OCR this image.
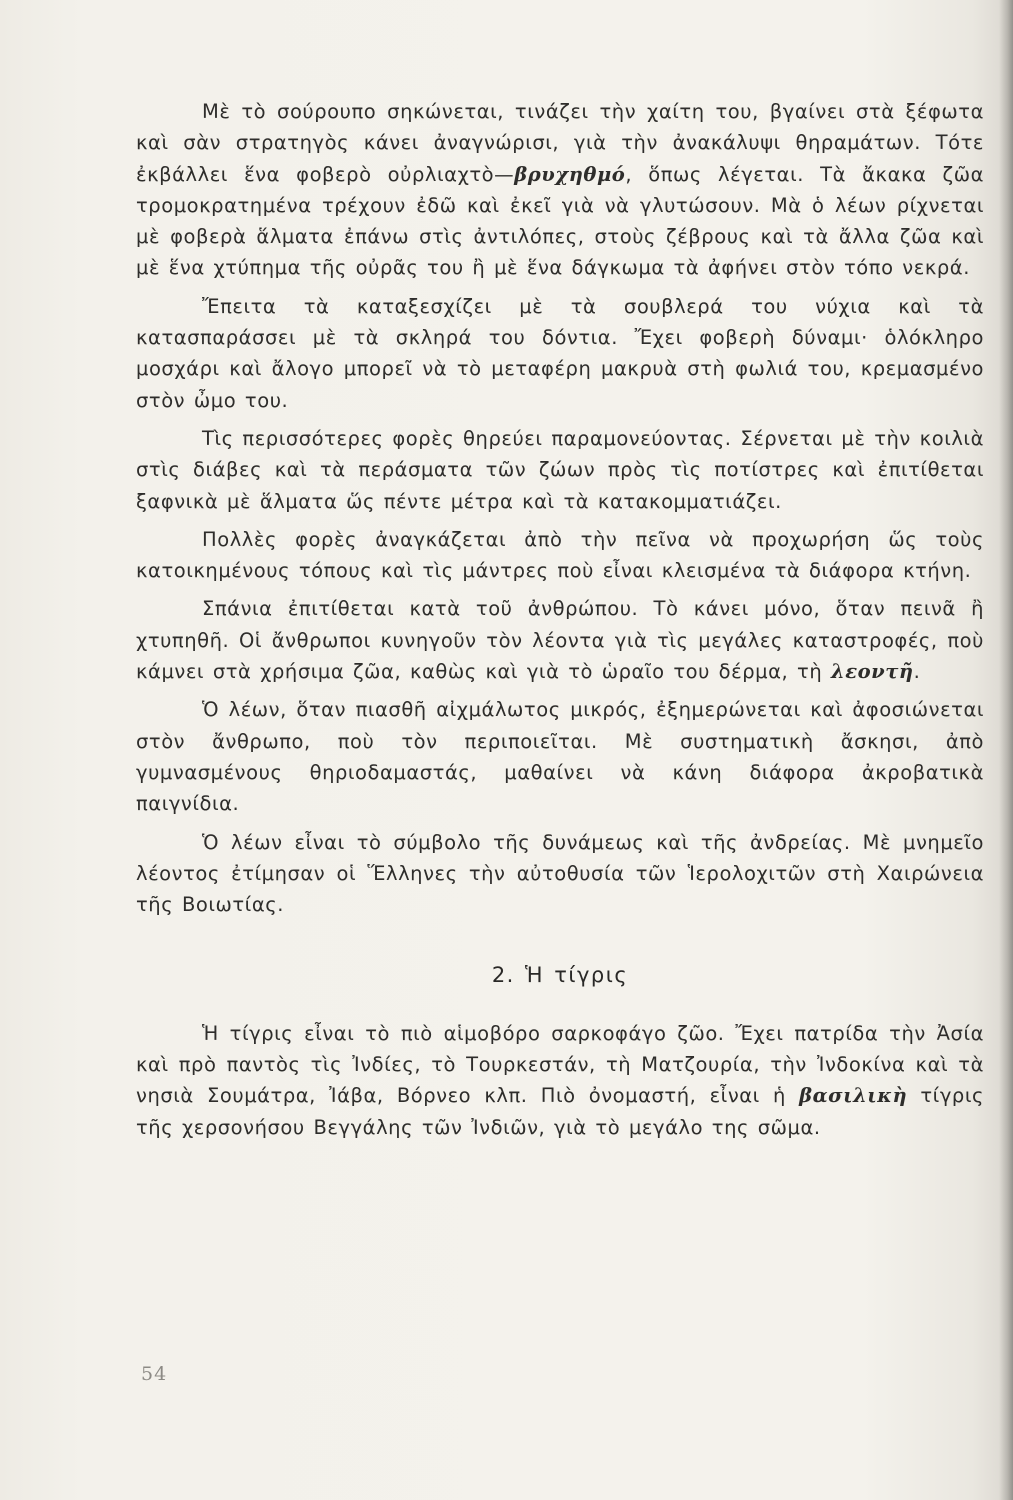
Μὲ τὸ σούρουπο σηκώνεται, τινάζει τὴν χαίτη του, βγαίνει στὰ ξέφωτα καὶ σὰν στρατηγὸς κάνει ἀναγνώρισι, γιὰ τὴν ἀνακάλυψι θηραμάτων. Τότε ἐκβάλλει ἕνα φοβερὸ οὐρλιαχτὸ—βρυχηθμό, ὅπως λέγεται. Τὰ ἄκακα ζῶα τρομοκρατημένα τρέχουν ἐδῶ καὶ ἐκεῖ γιὰ νὰ γλυτώσουν. Μὰ ὁ λέων ρίχνεται μὲ φοβερὰ ἅλματα ἐπάνω στὶς ἀντιλόπες, στοὺς ζέβρους καὶ τὰ ἄλλα ζῶα καὶ μὲ ἕνα χτύπημα τῆς οὐρᾶς του ἢ μὲ ἕνα δάγκωμα τὰ ἀφήνει στὸν τόπο νεκρά.

Ἔπειτα τὰ καταξεσχίζει μὲ τὰ σουβλερά του νύχια καὶ τὰ κατασπαράσσει μὲ τὰ σκληρά του δόντια. Ἔχει φοβερὴ δύναμι· ὁλόκληρο μοσχάρι καὶ ἄλογο μπορεῖ νὰ τὸ μεταφέρη μακρυὰ στὴ φωλιά του, κρεμασμένο στὸν ὦμο του.

Τὶς περισσότερες φορὲς θηρεύει παραμονεύοντας. Σέρνεται μὲ τὴν κοιλιὰ στὶς διάβες καὶ τὰ περάσματα τῶν ζώων πρὸς τὶς ποτίστρες καὶ ἐπιτίθεται ξαφνικὰ μὲ ἅλματα ὥς πέντε μέτρα καὶ τὰ κατακομματιάζει.

Πολλὲς φορὲς ἀναγκάζεται ἀπὸ τὴν πεῖνα νὰ προχωρήση ὥς τοὺς κατοικημένους τόπους καὶ τὶς μάντρες ποὺ εἶναι κλεισμένα τὰ διάφορα κτήνη.

Σπάνια ἐπιτίθεται κατὰ τοῦ ἀνθρώπου. Τὸ κάνει μόνο, ὅταν πεινᾶ ἢ χτυπηθῆ. Οἱ ἄνθρωποι κυνηγοῦν τὸν λέοντα γιὰ τὶς μεγάλες καταστροφές, ποὺ κάμνει στὰ χρήσιμα ζῶα, καθὼς καὶ γιὰ τὸ ὡραῖο του δέρμα, τὴ λεοντῆ.

Ὁ λέων, ὅταν πιασθῆ αἰχμάλωτος μικρός, ἐξημερώνεται καὶ ἀφοσιώνεται στὸν ἄνθρωπο, ποὺ τὸν περιποιεῖται. Μὲ συστηματικὴ ἄσκησι, ἀπὸ γυμνασμένους θηριοδαμαστάς, μαθαίνει νὰ κάνη διάφορα ἀκροβατικὰ παιγνίδια.

Ὁ λέων εἶναι τὸ σύμβολο τῆς δυνάμεως καὶ τῆς ἀνδρείας. Μὲ μνημεῖο λέοντος ἐτίμησαν οἱ Ἕλληνες τὴν αὐτοθυσία τῶν Ἱερολοχιτῶν στὴ Χαιρώνεια τῆς Βοιωτίας.

2. Ἡ τίγρις

Ἡ τίγρις εἶναι τὸ πιὸ αἱμοβόρο σαρκοφάγο ζῶο. Ἔχει πατρίδα τὴν Ἀσία καὶ πρὸ παντὸς τὶς Ἰνδίες, τὸ Τουρκεστάν, τὴ Ματζουρία, τὴν Ἰνδοκίνα καὶ τὰ νησιὰ Σουμάτρα, Ἰάβα, Βόρνεο κλπ. Πιὸ ὀνομαστή, εἶναι ἡ βασιλικὴ τίγρις τῆς χερσονήσου Βεγγάλης τῶν Ἰνδιῶν, γιὰ τὸ μεγάλο της σῶμα.

54
